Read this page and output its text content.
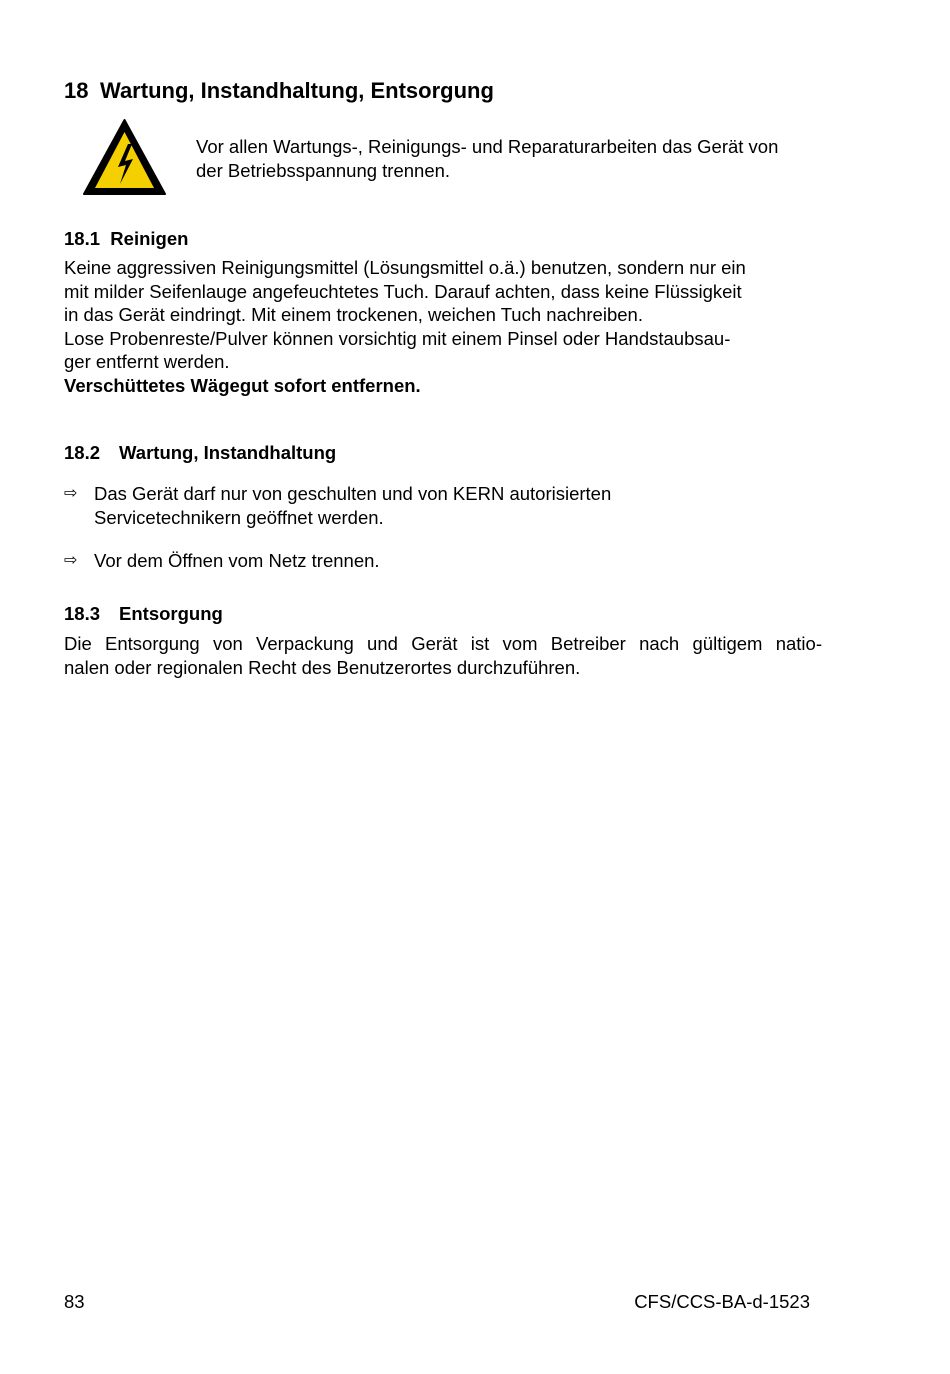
18 Wartung, Instandhaltung, Entsorgung
Vor allen Wartungs-, Reinigungs- und Reparaturarbeiten das Gerät von
der Betriebsspannung trennen.
18.1 Reinigen
Keine aggressiven Reinigungsmittel (Lösungsmittel o.ä.) benutzen, sondern nur ein
mit milder Seifenlauge angefeuchtetes Tuch. Darauf achten, dass keine Flüssigkeit
in das Gerät eindringt. Mit einem trockenen, weichen Tuch nachreiben.
Lose Probenreste/Pulver können vorsichtig mit einem Pinsel oder Handstaubsau-
ger entfernt werden.
Verschüttetes Wägegut sofort entfernen.
18.2 Wartung, Instandhaltung
⇨ Das Gerät darf nur von geschulten und von KERN autorisierten
Servicetechnikern geöffnet werden.
⇨ Vor dem Öffnen vom Netz trennen.
18.3 Entsorgung
Die Entsorgung von Verpackung und Gerät ist vom Betreiber nach gültigem natio-
nalen oder regionalen Recht des Benutzerortes durchzuführen.
83	CFS/CCS-BA-d-1523
